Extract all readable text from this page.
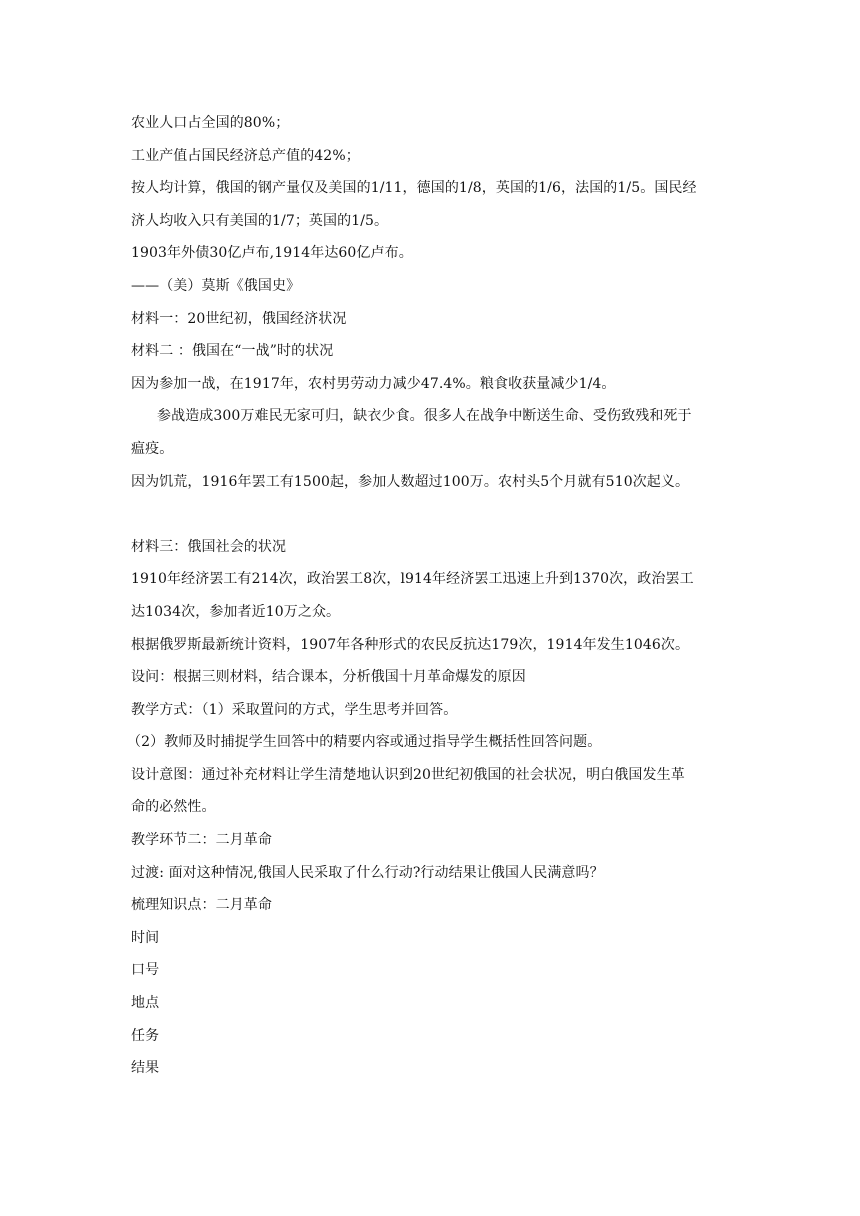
农业人口占全国的80%；
工业产值占国民经济总产值的42%；
按人均计算，俄国的钢产量仅及美国的1/11，德国的1/8，英国的1/6，法国的1/5。国民经
济人均收入只有美国的1/7；英国的1/5。
1903年外债30亿卢布,1914年达60亿卢布。
——（美）莫斯《俄国史》
材料一：20世纪初，俄国经济状况
材料二 ：俄国在“一战”时的状况
因为参加一战，在1917年，农村男劳动力减少47.4%。粮食收获量减少1/4。
参战造成300万难民无家可归，缺衣少食。很多人在战争中断送生命、受伤致残和死于
瘟疫。
因为饥荒，1916年罢工有1500起，参加人数超过100万。农村头5个月就有510次起义。
材料三：俄国社会的状况
1910年经济罢工有214次，政治罢工8次，l914年经济罢工迅速上升到1370次，政治罢工
达1034次，参加者近10万之众。
根据俄罗斯最新统计资料，1907年各种形式的农民反抗达179次，1914年发生1046次。
设问：根据三则材料，结合课本，分析俄国十月革命爆发的原因
教学方式：（1）采取置问的方式，学生思考并回答。
（2）教师及时捕捉学生回答中的精要内容或通过指导学生概括性回答问题。
设计意图：通过补充材料让学生清楚地认识到20世纪初俄国的社会状况，明白俄国发生革
命的必然性。
教学环节二：二月革命
过渡: 面对这种情况,俄国人民采取了什么行动?行动结果让俄国人民满意吗？
梳理知识点：二月革命
时间
口号
地点
任务
结果
